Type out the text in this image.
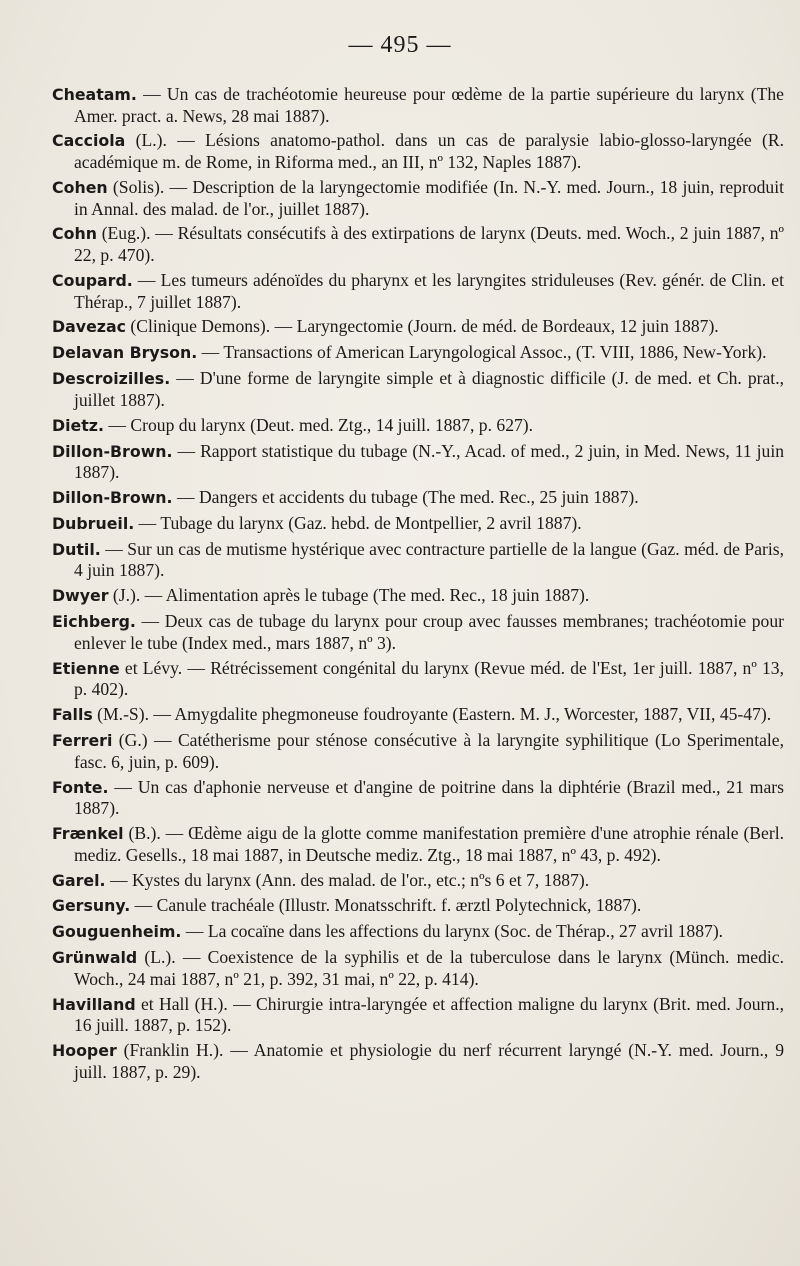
— 495 —

Cheatam. — Un cas de trachéotomie heureuse pour œdème de la partie supérieure du larynx (The Amer. pract. a. News, 28 mai 1887).

Cacciola (L.). — Lésions anatomo-pathol. dans un cas de paralysie labio-glosso-laryngée (R. académique m. de Rome, in Riforma med., an III, nº 132, Naples 1887).

Cohen (Solis). — Description de la laryngectomie modifiée (In. N.-Y. med. Journ., 18 juin, reproduit in Annal. des malad. de l'or., juillet 1887).

Cohn (Eug.). — Résultats consécutifs à des extirpations de larynx (Deuts. med. Woch., 2 juin 1887, nº 22, p. 470).

Coupard. — Les tumeurs adénoïdes du pharynx et les laryngites striduleuses (Rev. génér. de Clin. et Thérap., 7 juillet 1887).

Davezac (Clinique Demons). — Laryngectomie (Journ. de méd. de Bordeaux, 12 juin 1887).

Delavan Bryson. — Transactions of American Laryngological Assoc., (T. VIII, 1886, New-York).

Descroizilles. — D'une forme de laryngite simple et à diagnostic difficile (J. de med. et Ch. prat., juillet 1887).

Dietz. — Croup du larynx (Deut. med. Ztg., 14 juill. 1887, p. 627).

Dillon-Brown. — Rapport statistique du tubage (N.-Y., Acad. of med., 2 juin, in Med. News, 11 juin 1887).

Dillon-Brown. — Dangers et accidents du tubage (The med. Rec., 25 juin 1887).

Dubrueil. — Tubage du larynx (Gaz. hebd. de Montpellier, 2 avril 1887).

Dutil. — Sur un cas de mutisme hystérique avec contracture partielle de la langue (Gaz. méd. de Paris, 4 juin 1887).

Dwyer (J.). — Alimentation après le tubage (The med. Rec., 18 juin 1887).

Eichberg. — Deux cas de tubage du larynx pour croup avec fausses membranes; trachéotomie pour enlever le tube (Index med., mars 1887, nº 3).

Etienne et Lévy. — Rétrécissement congénital du larynx (Revue méd. de l'Est, 1er juill. 1887, nº 13, p. 402).

Falls (M.-S). — Amygdalite phegmoneuse foudroyante (Eastern. M. J., Worcester, 1887, VII, 45-47).

Ferreri (G.) — Catétherisme pour sténose consécutive à la laryngite syphilitique (Lo Sperimentale, fasc. 6, juin, p. 609).

Fonte. — Un cas d'aphonie nerveuse et d'angine de poitrine dans la diphtérie (Brazil med., 21 mars 1887).

Frænkel (B.). — Œdème aigu de la glotte comme manifestation première d'une atrophie rénale (Berl. mediz. Gesells., 18 mai 1887, in Deutsche mediz. Ztg., 18 mai 1887, nº 43, p. 492).

Garel. — Kystes du larynx (Ann. des malad. de l'or., etc.; nºs 6 et 7, 1887).

Gersuny. — Canule trachéale (Illustr. Monatsschrift. f. ærztl Polytechnick, 1887).

Gouguenheim. — La cocaïne dans les affections du larynx (Soc. de Thérap., 27 avril 1887).

Grünwald (L.). — Coexistence de la syphilis et de la tuberculose dans le larynx (Münch. medic. Woch., 24 mai 1887, nº 21, p. 392, 31 mai, nº 22, p. 414).

Havilland et Hall (H.). — Chirurgie intra-laryngée et affection maligne du larynx (Brit. med. Journ., 16 juill. 1887, p. 152).

Hooper (Franklin H.). — Anatomie et physiologie du nerf récurrent laryngé (N.-Y. med. Journ., 9 juill. 1887, p. 29).
